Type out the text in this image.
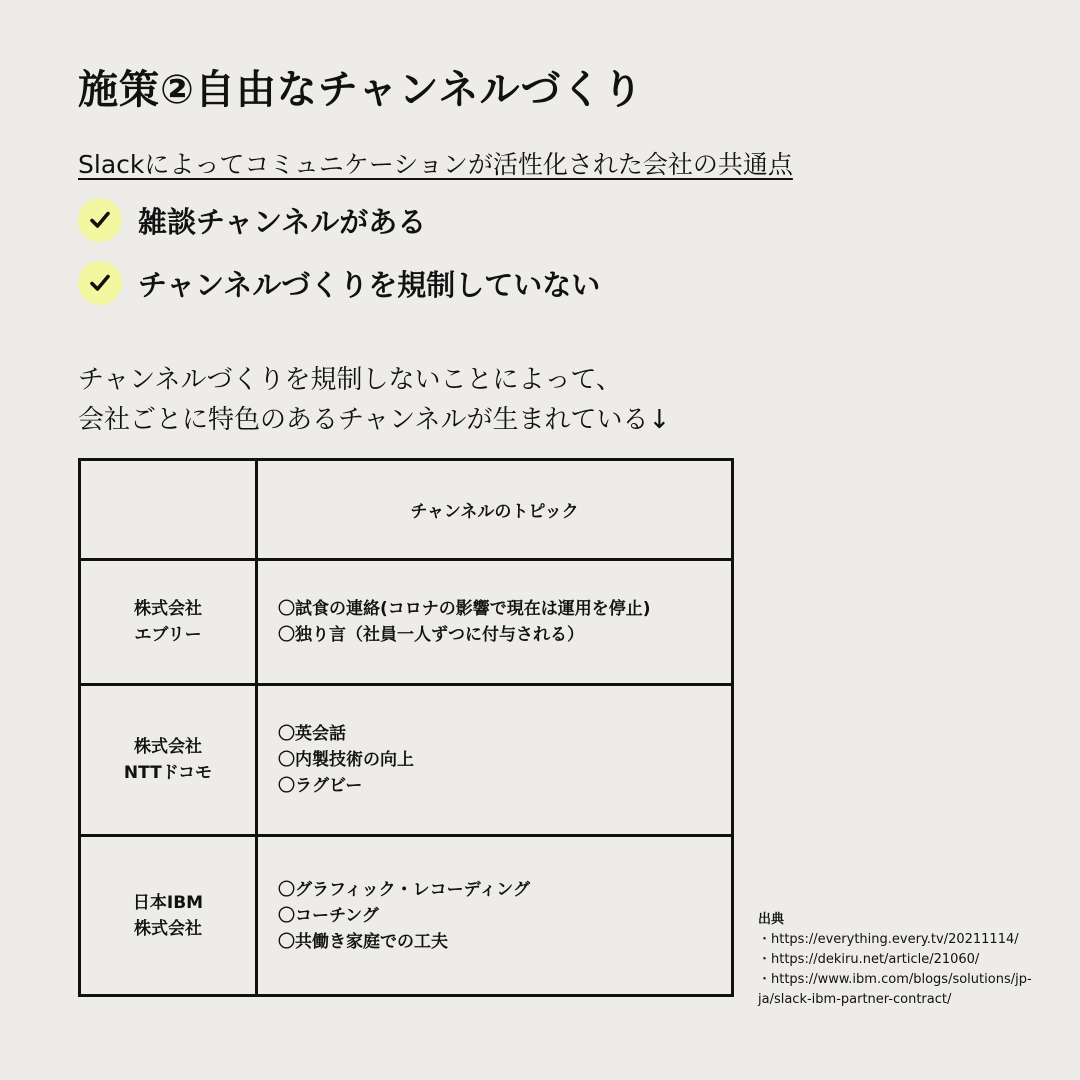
施策②自由なチャンネルづくり
Slackによってコミュニケーションが活性化された会社の共通点
雑談チャンネルがある
チャンネルづくりを規制していない
チャンネルづくりを規制しないことによって、
会社ごとに特色のあるチャンネルが生まれている↓
	チャンネルのトピック

株式会社
エブリー	〇試食の連絡(コロナの影響で現在は運用を停止)
〇独り言（社員一人ずつに付与される）

株式会社
NTTドコモ	〇英会話
〇内製技術の向上
〇ラグビー

日本IBM
株式会社	〇グラフィック・レコーディング
〇コーチング
〇共働き家庭での工夫
出典
・https://everything.every.tv/20211114/
・https://dekiru.net/article/21060/
・https://www.ibm.com/blogs/solutions/jp-
ja/slack-ibm-partner-contract/
